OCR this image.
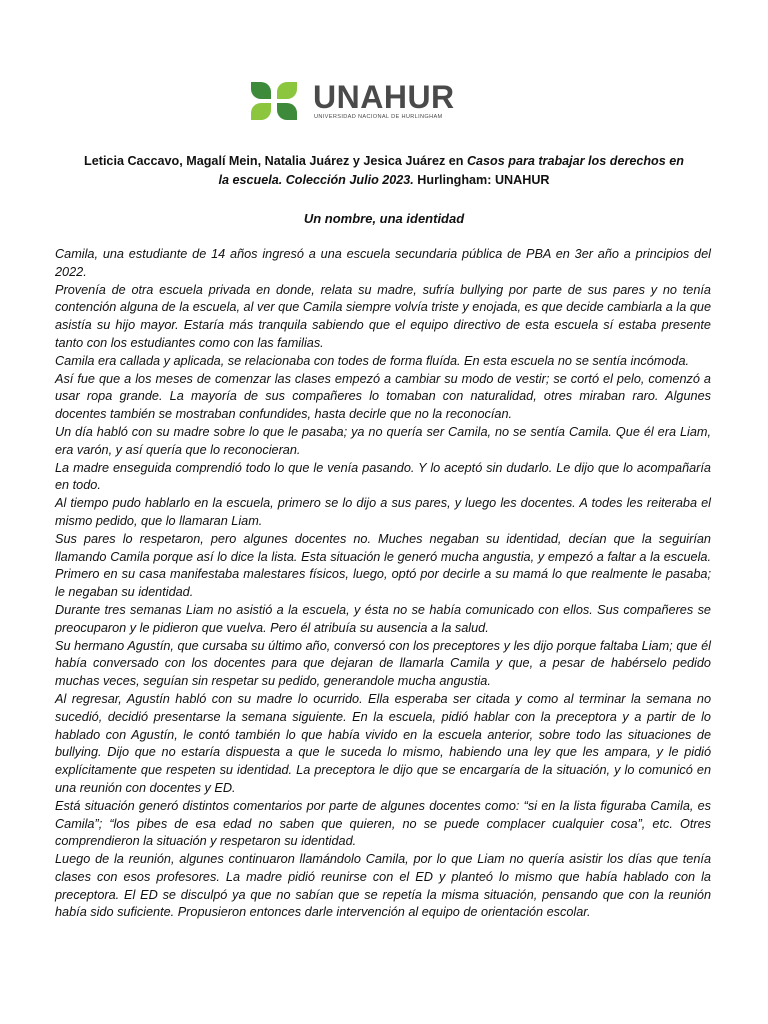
UNAHUR
UNIVERSIDAD NACIONAL DE HURLINGHAM
Leticia Caccavo, Magalí Mein, Natalia Juárez y Jesica Juárez en Casos para trabajar los derechos en la escuela. Colección Julio 2023. Hurlingham: UNAHUR
Un nombre, una identidad

Camila, una estudiante de 14 años ingresó a una escuela secundaria pública de PBA en 3er año a principios del 2022.

Provenía de otra escuela privada en donde, relata su madre, sufría bullying por parte de sus pares y no tenía contención alguna de la escuela, al ver que Camila siempre volvía triste y enojada, es que decide cambiarla a la que asistía su hijo mayor. Estaría más tranquila sabiendo que el equipo directivo de esta escuela sí estaba presente tanto con los estudiantes como con las familias.

Camila era callada y aplicada, se relacionaba con todes de forma fluída. En esta escuela no se sentía incómoda.

Así fue que a los meses de comenzar las clases empezó a cambiar su modo de vestir; se cortó el pelo, comenzó a usar ropa grande. La mayoría de sus compañeres lo tomaban con naturalidad, otres miraban raro. Algunes docentes también se mostraban confundides, hasta decirle que no la reconocían.

Un día habló con su madre sobre lo que le pasaba; ya no quería ser Camila, no se sentía Camila. Que él era Liam, era varón, y así quería que lo reconocieran.

La madre enseguida comprendió todo lo que le venía pasando. Y lo aceptó sin dudarlo. Le dijo que lo acompañaría en todo.

Al tiempo pudo hablarlo en la escuela, primero se lo dijo a sus pares, y luego les docentes. A todes les reiteraba el mismo pedido, que lo llamaran Liam.

Sus pares lo respetaron, pero algunes docentes no. Muches negaban su identidad, decían que la seguirían llamando Camila porque así lo dice la lista. Esta situación le generó mucha angustia, y empezó a faltar a la escuela. Primero en su casa manifestaba malestares físicos, luego, optó por decirle a su mamá lo que realmente le pasaba; le negaban su identidad.

Durante tres semanas Liam no asistió a la escuela, y ésta no se había comunicado con ellos. Sus compañeres se preocuparon y le pidieron que vuelva. Pero él atribuía su ausencia a la salud.

Su hermano Agustín, que cursaba su último año, conversó con los preceptores y les dijo porque faltaba Liam; que él había conversado con los docentes para que dejaran de llamarla Camila y que, a pesar de habérselo pedido muchas veces, seguían sin respetar su pedido, generandole mucha angustia.

Al regresar, Agustín habló con su madre lo ocurrido. Ella esperaba ser citada y como al terminar la semana no sucedió, decidió presentarse la semana siguiente. En la escuela, pidió hablar con la preceptora y a partir de lo hablado con Agustín, le contó también lo que había vivido en la escuela anterior, sobre todo las situaciones de bullying. Dijo que no estaría dispuesta a que le suceda lo mismo, habiendo una ley que les ampara, y le pidió explícitamente que respeten su identidad. La preceptora le dijo que se encargaría de la situación, y lo comunicó en una reunión con docentes y ED.

Está situación generó distintos comentarios por parte de algunes docentes como: “si en la lista figuraba Camila, es Camila”; “los pibes de esa edad no saben que quieren, no se puede complacer cualquier cosa”, etc. Otres comprendieron la situación y respetaron su identidad.

Luego de la reunión, algunes continuaron llamándolo Camila, por lo que Liam no quería asistir los días que tenía clases con esos profesores. La madre pidió reunirse con el ED y planteó lo mismo que había hablado con la preceptora. El ED se disculpó ya que no sabían que se repetía la misma situación, pensando que con la reunión había sido suficiente. Propusieron entonces darle intervención al equipo de orientación escolar.
